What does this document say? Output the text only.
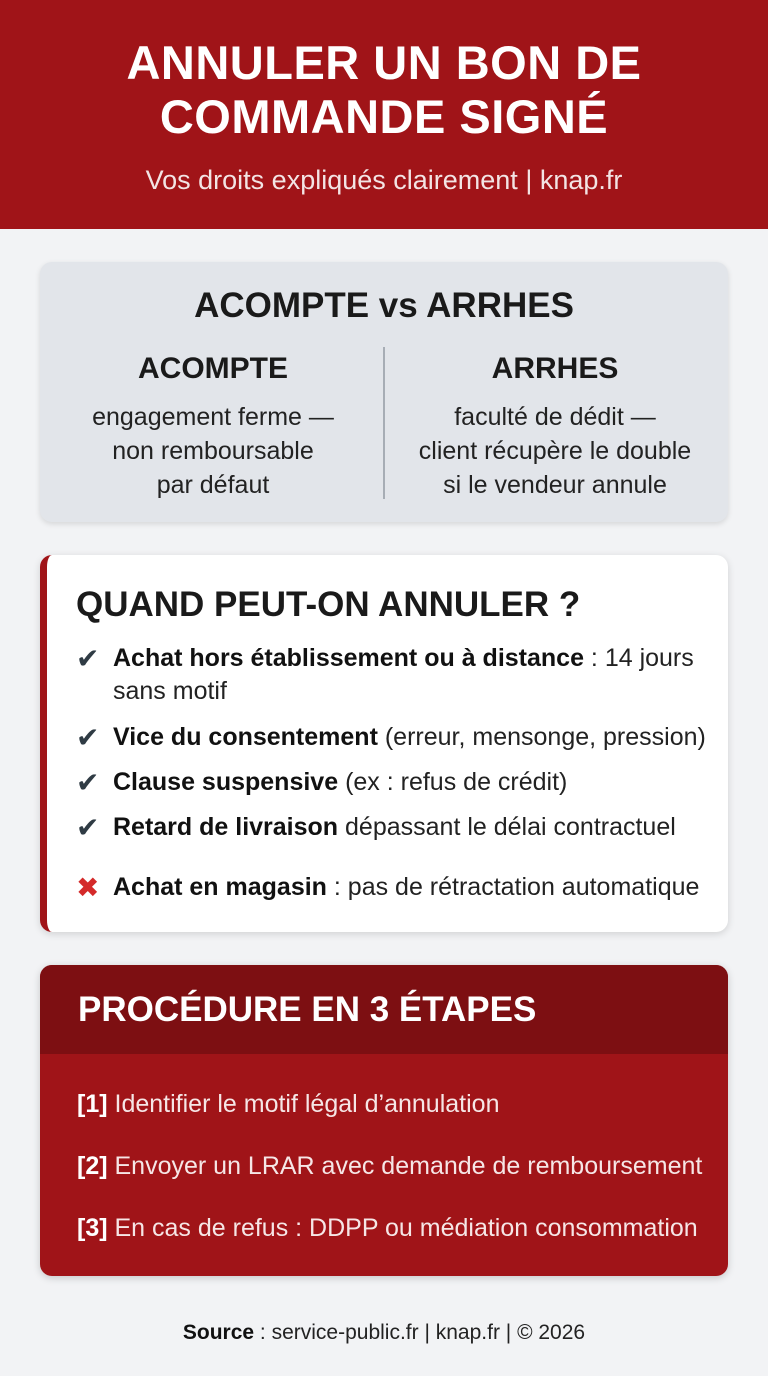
ANNULER UN BON DE COMMANDE SIGNÉ
Vos droits expliqués clairement | knap.fr
ACOMPTE vs ARRHES
ACOMPTE
engagement ferme —
non remboursable
par défaut
ARRHES
faculté de dédit —
client récupère le double
si le vendeur annule
QUAND PEUT-ON ANNULER ?
✔ Achat hors établissement ou à distance : 14 jours sans motif
✔ Vice du consentement (erreur, mensonge, pression)
✔ Clause suspensive (ex : refus de crédit)
✔ Retard de livraison dépassant le délai contractuel
✖ Achat en magasin : pas de rétractation automatique
PROCÉDURE EN 3 ÉTAPES
[1] Identifier le motif légal d’annulation
[2] Envoyer un LRAR avec demande de remboursement
[3] En cas de refus : DDPP ou médiation consommation
Source : service-public.fr | knap.fr | © 2026
